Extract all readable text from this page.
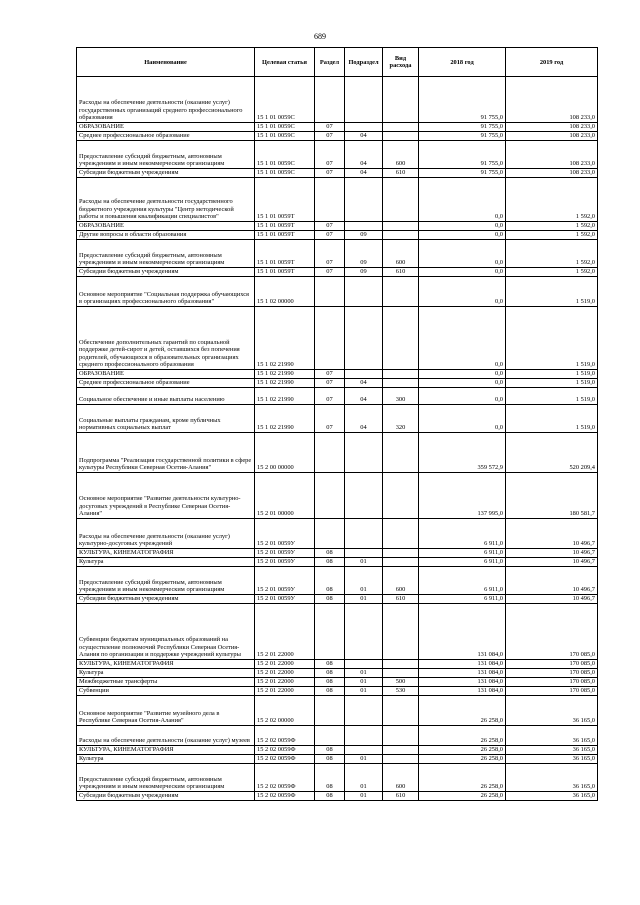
689
Наименование	Целевая статья	Раздел	Подраздел	Вид расхода	2018 год	2019 год
Расходы на обеспечение деятельности (оказание услуг) государственных организаций среднего профессионального образования	15 1 01 0059С				91 755,0	108 233,0
ОБРАЗОВАНИЕ	15 1 01 0059С	07			91 755,0	108 233,0
Среднее профессиональное образование	15 1 01 0059С	07	04		91 755,0	108 233,0
Предоставление субсидий бюджетным, автономным учреждениям и иным некоммерческим организациям	15 1 01 0059С	07	04	600	91 755,0	108 233,0
Субсидии бюджетным учреждениям	15 1 01 0059С	07	04	610	91 755,0	108 233,0
Расходы на обеспечение деятельности государственного бюджетного учреждения культуры "Центр методической работы и повышения квалификации специалистов"	15 1 01 0059Т				0,0	1 592,0
ОБРАЗОВАНИЕ	15 1 01 0059Т	07			0,0	1 592,0
Другие вопросы в области образования	15 1 01 0059Т	07	09		0,0	1 592,0
Предоставление субсидий бюджетным, автономным учреждениям и иным некоммерческим организациям	15 1 01 0059Т	07	09	600	0,0	1 592,0
Субсидии бюджетным учреждениям	15 1 01 0059Т	07	09	610	0,0	1 592,0
Основное мероприятие "Социальная поддержка обучающихся в организациях профессионального образования"	15 1 02 00000				0,0	1 519,0
Обеспечение дополнительных гарантий по социальной поддержке детей-сирот и детей, оставшихся без попечения родителей, обучающихся в образовательных организациях среднего профессионального образования	15 1 02 21990				0,0	1 519,0
ОБРАЗОВАНИЕ	15 1 02 21990	07			0,0	1 519,0
Среднее профессиональное образование	15 1 02 21990	07	04		0,0	1 519,0
Социальное обеспечение и иные выплаты населению	15 1 02 21990	07	04	300	0,0	1 519,0
Социальные выплаты гражданам, кроме публичных нормативных социальных выплат	15 1 02 21990	07	04	320	0,0	1 519,0
Подпрограмма "Реализация государственной политики в сфере культуры Республики Северная Осетия-Алания"	15 2 00 00000				359 572,9	520 209,4
Основное мероприятие "Развитие деятельности культурно-досуговых учреждений в Республике Северная Осетия-Алания"	15 2 01 00000				137 995,0	180 581,7
Расходы на обеспечение деятельности (оказание услуг) культурно-досуговых учреждений	15 2 01 0059У				6 911,0	10 496,7
КУЛЬТУРА, КИНЕМАТОГРАФИЯ	15 2 01 0059У	08			6 911,0	10 496,7
Культура	15 2 01 0059У	08	01		6 911,0	10 496,7
Предоставление субсидий бюджетным, автономным учреждениям и иным некоммерческим организациям	15 2 01 0059У	08	01	600	6 911,0	10 496,7
Субсидии бюджетным учреждениям	15 2 01 0059У	08	01	610	6 911,0	10 496,7
Субвенции бюджетам муниципальных образований на осуществление полномочий Республики Северная Осетия-Алания по организации и поддержке учреждений культуры	15 2 01 22000				131 084,0	170 085,0
КУЛЬТУРА, КИНЕМАТОГРАФИЯ	15 2 01 22000	08			131 084,0	170 085,0
Культура	15 2 01 22000	08	01		131 084,0	170 085,0
Межбюджетные трансферты	15 2 01 22000	08	01	500	131 084,0	170 085,0
Субвенции	15 2 01 22000	08	01	530	131 084,0	170 085,0
Основное мероприятие "Развитие музейного дела в Республике Северная Осетия-Алания"	15 2 02 00000				26 258,0	36 165,0
Расходы на обеспечение деятельности (оказание услуг) музеев	15 2 02 0059Ф				26 258,0	36 165,0
КУЛЬТУРА, КИНЕМАТОГРАФИЯ	15 2 02 0059Ф	08			26 258,0	36 165,0
Культура	15 2 02 0059Ф	08	01		26 258,0	36 165,0
Предоставление субсидий бюджетным, автономным учреждениям и иным некоммерческим организациям	15 2 02 0059Ф	08	01	600	26 258,0	36 165,0
Субсидии бюджетным учреждениям	15 2 02 0059Ф	08	01	610	26 258,0	36 165,0
